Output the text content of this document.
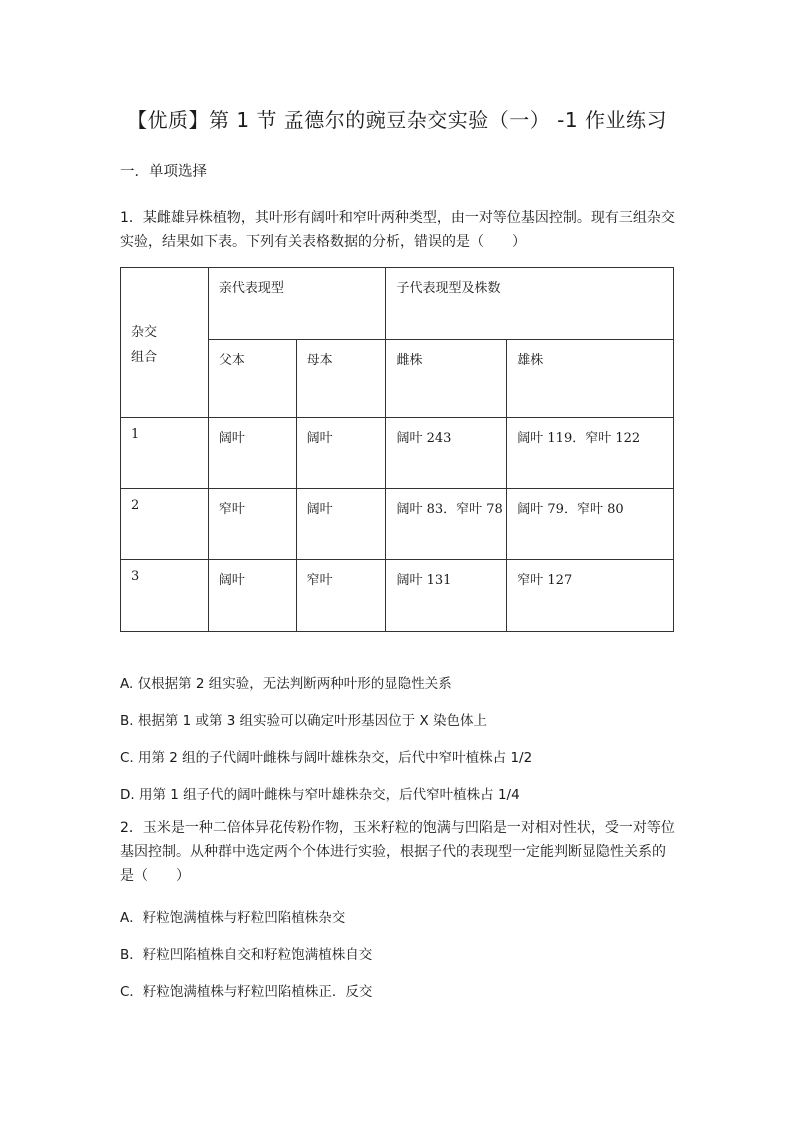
【优质】第 1 节 孟德尔的豌豆杂交实验（一） -1 作业练习
一．单项选择
1．某雌雄异株植物，其叶形有阔叶和窄叶两种类型，由一对等位基因控制。现有三组杂交实验，结果如下表。下列有关表格数据的分析，错误的是（　　）
杂交
组合	亲代表现型		子代表现型及株数	

	父本	母本	雌株	雄株

1	阔叶	阔叶	阔叶 243	阔叶 119．窄叶 122

2	窄叶	阔叶	阔叶 83．窄叶 78	阔叶 79．窄叶 80

3	阔叶	窄叶	阔叶 131	窄叶 127
A. 仅根据第 2 组实验，无法判断两种叶形的显隐性关系
B. 根据第 1 或第 3 组实验可以确定叶形基因位于 X 染色体上
C. 用第 2 组的子代阔叶雌株与阔叶雄株杂交，后代中窄叶植株占 1/2
D. 用第 1 组子代的阔叶雌株与窄叶雄株杂交，后代窄叶植株占 1/4
2．玉米是一种二倍体异花传粉作物，玉米籽粒的饱满与凹陷是一对相对性状，受一对等位基因控制。从种群中选定两个个体进行实验，根据子代的表现型一定能判断显隐性关系的是（　　）
A．籽粒饱满植株与籽粒凹陷植株杂交
B．籽粒凹陷植株自交和籽粒饱满植株自交
C．籽粒饱满植株与籽粒凹陷植株正．反交
